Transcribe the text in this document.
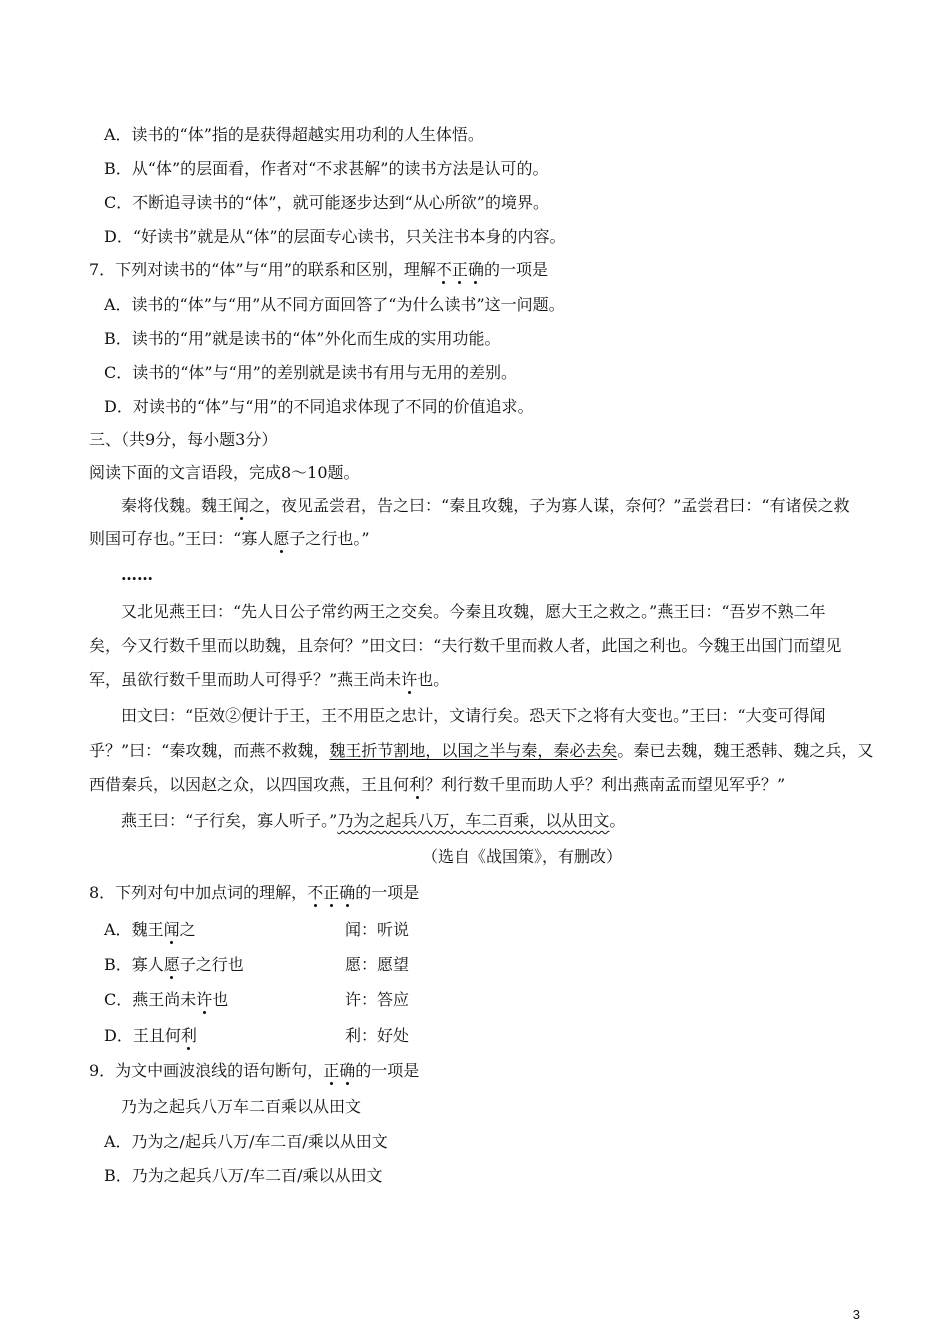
A．读书的“体”指的是获得超越实用功利的人生体悟。
B．从“体”的层面看，作者对“不求甚解”的读书方法是认可的。
C．不断追寻读书的“体”，就可能逐步达到“从心所欲”的境界。
D．“好读书”就是从“体”的层面专心读书，只关注书本身的内容。
7．下列对读书的“体”与“用”的联系和区别，理解不正确的一项是
A．读书的“体”与“用”从不同方面回答了“为什么读书”这一问题。
B．读书的“用”就是读书的“体”外化而生成的实用功能。
C．读书的“体”与“用”的差别就是读书有用与无用的差别。
D．对读书的“体”与“用”的不同追求体现了不同的价值追求。
三、（共9分，每小题3分）
阅读下面的文言语段，完成8～10题。
秦将伐魏。魏王闻之，夜见孟尝君，告之曰：“秦且攻魏，子为寡人谋，奈何？”孟尝君曰：“有诸侯之救
则国可存也。”王曰：“寡人愿子之行也。”
……
又北见燕王曰：“先人日公子常约两王之交矣。今秦且攻魏，愿大王之救之。”燕王曰：“吾岁不熟二年
矣，今又行数千里而以助魏，且奈何？”田文曰：“夫行数千里而救人者，此国之利也。今魏王出国门而望见
军，虽欲行数千里而助人可得乎？”燕王尚未许也。
田文曰：“臣效②便计于王，王不用臣之忠计，文请行矣。恐天下之将有大变也。”王曰：“大变可得闻
乎？”曰：“秦攻魏，而燕不救魏，魏王折节割地，以国之半与秦，秦必去矣。秦已去魏，魏王悉韩、魏之兵，又
西借秦兵，以因赵之众，以四国攻燕，王且何利？利行数千里而助人乎？利出燕南孟而望见军乎？”
燕王曰：“子行矣，寡人听子。”乃为之起兵八万，车二百乘，以从田文。
（选自《战国策》，有删改）
8．下列对句中加点词的理解，不正确的一项是
A．魏王闻之	闻：听说
B．寡人愿子之行也	愿：愿望
C．燕王尚未许也	许：答应
D．王且何利	利：好处
9．为文中画波浪线的语句断句，正确的一项是
乃为之起兵八万车二百乘以从田文
A．乃为之/起兵八万/车二百/乘以从田文
B．乃为之起兵八万/车二百/乘以从田文
3
